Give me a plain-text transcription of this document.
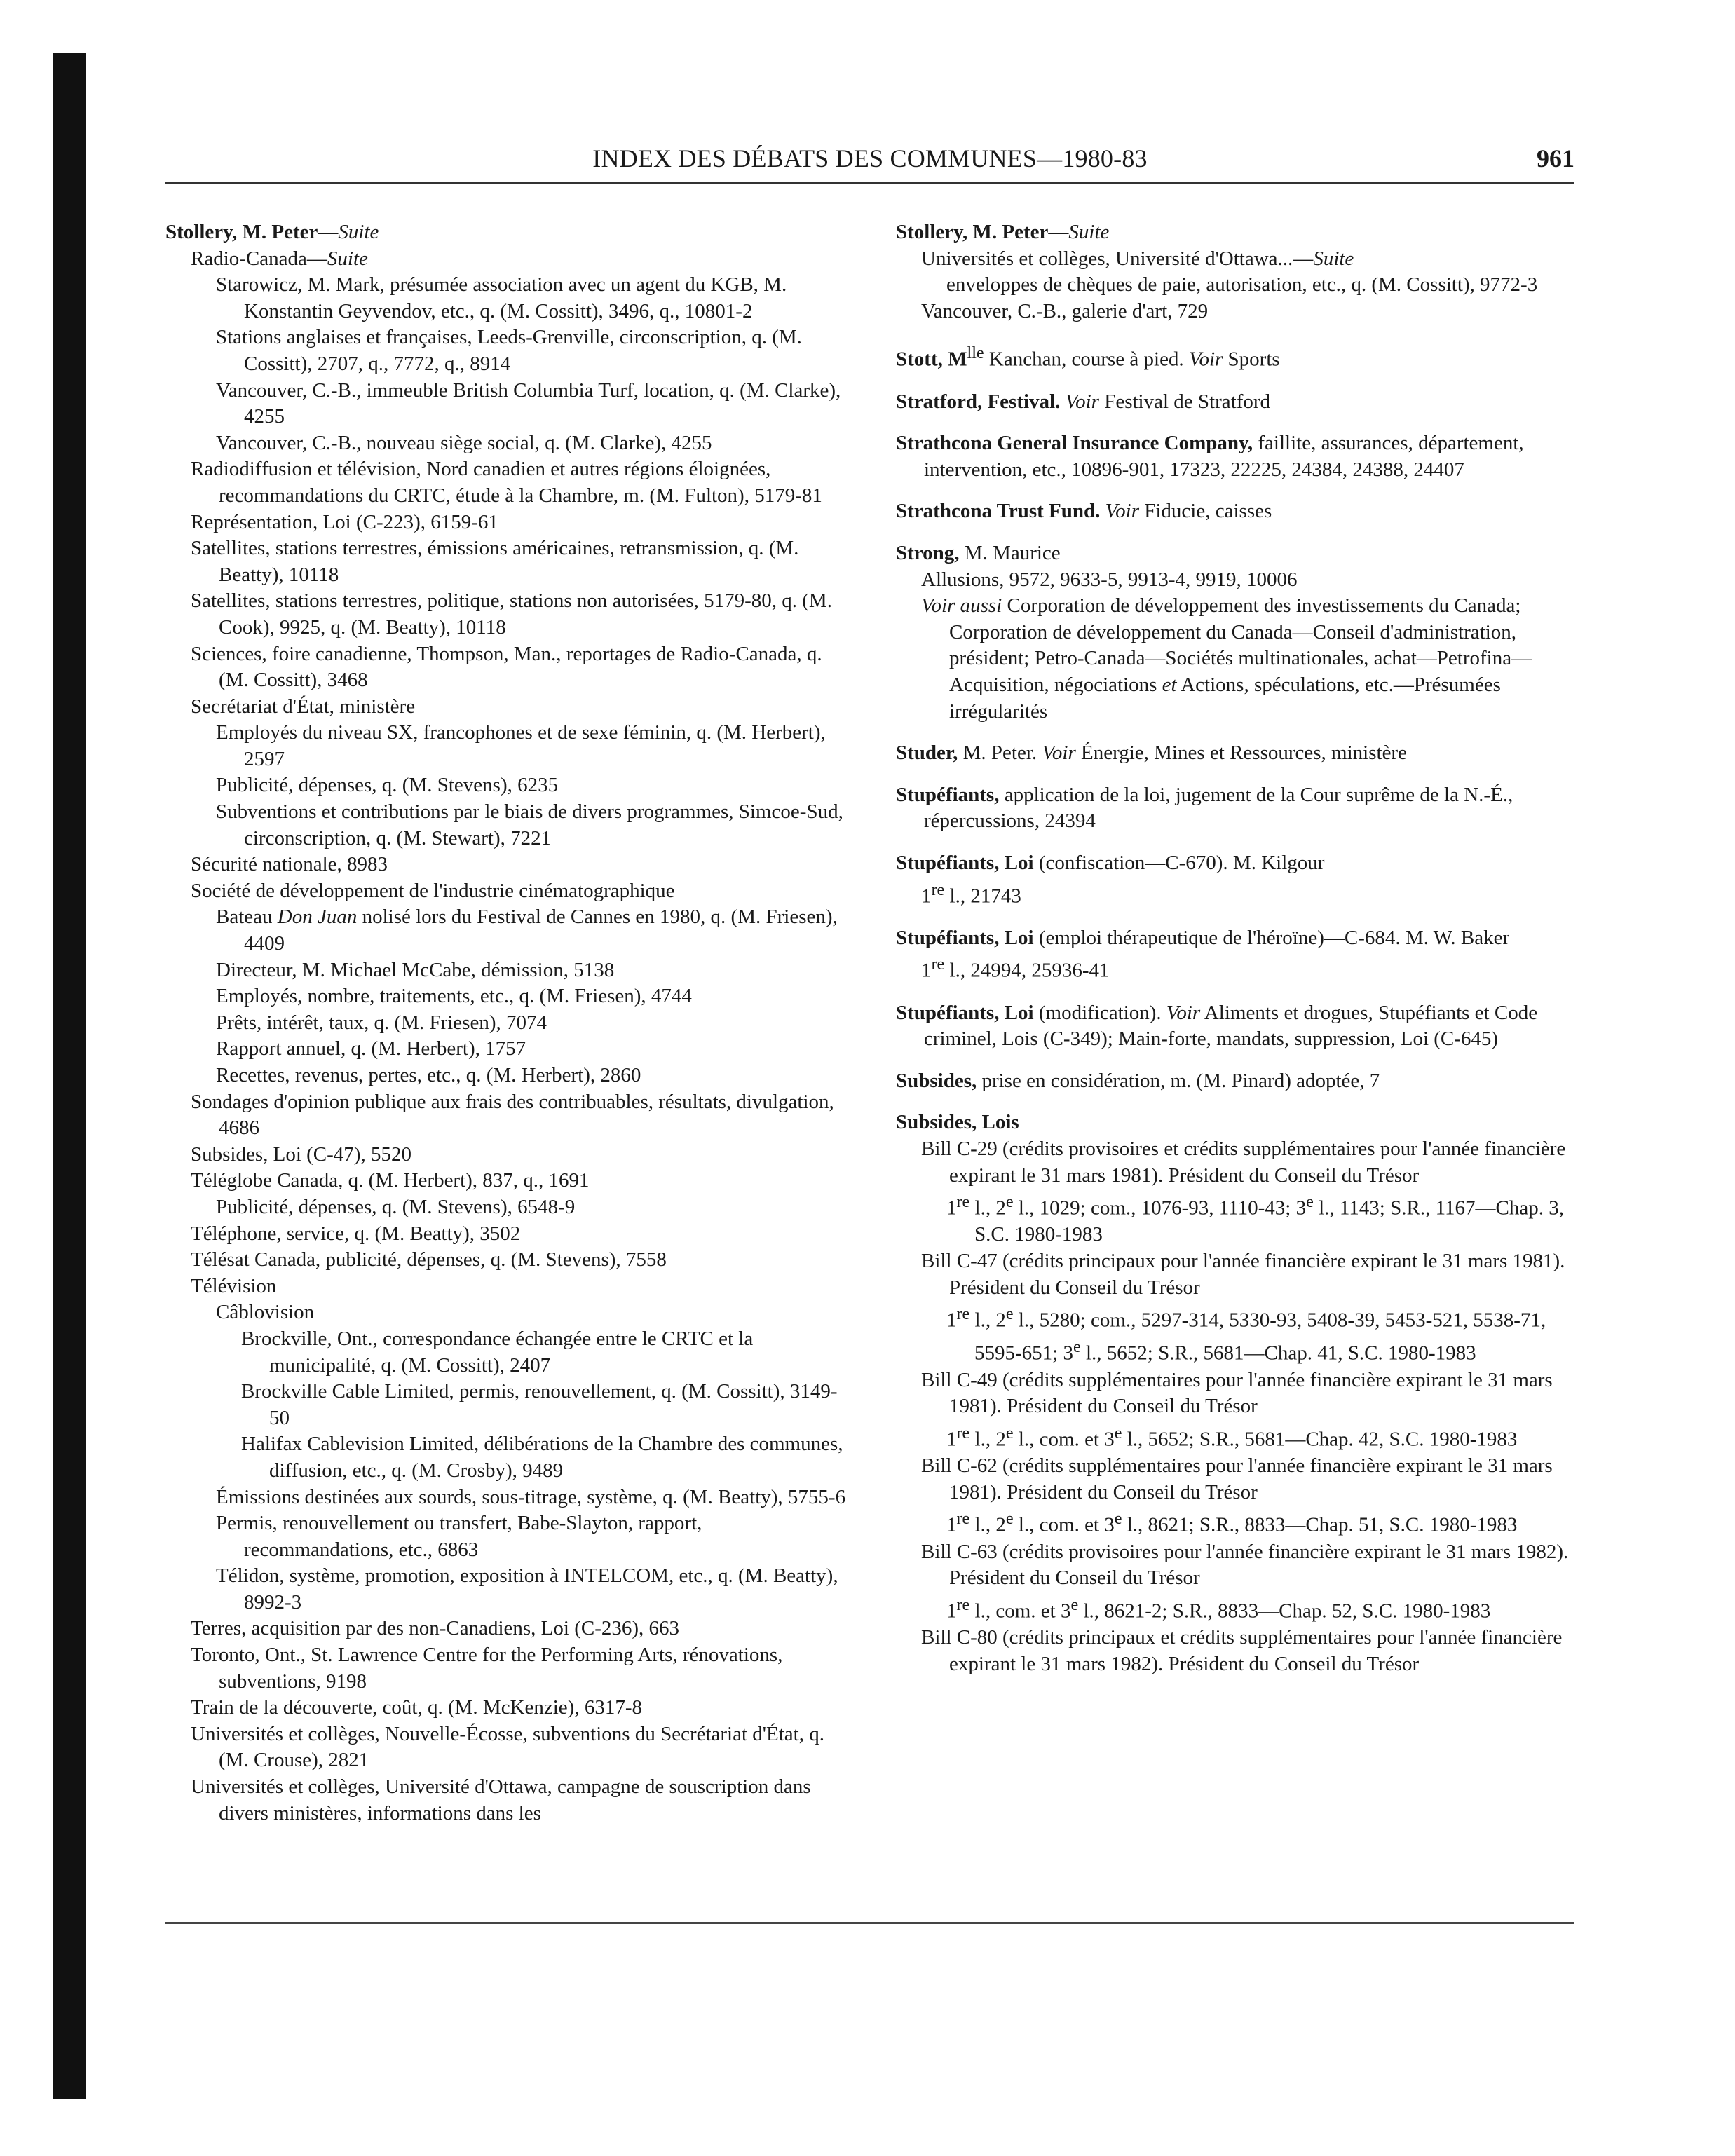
INDEX DES DÉBATS DES COMMUNES—1980-83	961
Stollery, M. Peter—Suite
Radio-Canada—Suite
Starowicz, M. Mark, présumée association avec un agent du KGB, M. Konstantin Geyvendov, etc., q. (M. Cossitt), 3496, q., 10801-2
Stations anglaises et françaises, Leeds-Grenville, circonscription, q. (M. Cossitt), 2707, q., 7772, q., 8914
Vancouver, C.-B., immeuble British Columbia Turf, location, q. (M. Clarke), 4255
Vancouver, C.-B., nouveau siège social, q. (M. Clarke), 4255
Radiodiffusion et télévision, Nord canadien et autres régions éloignées, recommandations du CRTC, étude à la Chambre, m. (M. Fulton), 5179-81
Représentation, Loi (C-223), 6159-61
Satellites, stations terrestres, émissions américaines, retransmission, q. (M. Beatty), 10118
Satellites, stations terrestres, politique, stations non autorisées, 5179-80, q. (M. Cook), 9925, q. (M. Beatty), 10118
Sciences, foire canadienne, Thompson, Man., reportages de Radio-Canada, q. (M. Cossitt), 3468
Secrétariat d'État, ministère
Employés du niveau SX, francophones et de sexe féminin, q. (M. Herbert), 2597
Publicité, dépenses, q. (M. Stevens), 6235
Subventions et contributions par le biais de divers programmes, Simcoe-Sud, circonscription, q. (M. Stewart), 7221
Sécurité nationale, 8983
Société de développement de l'industrie cinématographique
Bateau Don Juan nolisé lors du Festival de Cannes en 1980, q. (M. Friesen), 4409
Directeur, M. Michael McCabe, démission, 5138
Employés, nombre, traitements, etc., q. (M. Friesen), 4744
Prêts, intérêt, taux, q. (M. Friesen), 7074
Rapport annuel, q. (M. Herbert), 1757
Recettes, revenus, pertes, etc., q. (M. Herbert), 2860
Sondages d'opinion publique aux frais des contribuables, résultats, divulgation, 4686
Subsides, Loi (C-47), 5520
Téléglobe Canada, q. (M. Herbert), 837, q., 1691
Publicité, dépenses, q. (M. Stevens), 6548-9
Téléphone, service, q. (M. Beatty), 3502
Télésat Canada, publicité, dépenses, q. (M. Stevens), 7558
Télévision
Câblovision
Brockville, Ont., correspondance échangée entre le CRTC et la municipalité, q. (M. Cossitt), 2407
Brockville Cable Limited, permis, renouvellement, q. (M. Cossitt), 3149-50
Halifax Cablevision Limited, délibérations de la Chambre des communes, diffusion, etc., q. (M. Crosby), 9489
Émissions destinées aux sourds, sous-titrage, système, q. (M. Beatty), 5755-6
Permis, renouvellement ou transfert, Babe-Slayton, rapport, recommandations, etc., 6863
Télidon, système, promotion, exposition à INTELCOM, etc., q. (M. Beatty), 8992-3
Terres, acquisition par des non-Canadiens, Loi (C-236), 663
Toronto, Ont., St. Lawrence Centre for the Performing Arts, rénovations, subventions, 9198
Train de la découverte, coût, q. (M. McKenzie), 6317-8
Universités et collèges, Nouvelle-Écosse, subventions du Secrétariat d'État, q. (M. Crouse), 2821
Universités et collèges, Université d'Ottawa, campagne de souscription dans divers ministères, informations dans les
Stollery, M. Peter—Suite
Universités et collèges, Université d'Ottawa...—Suite
enveloppes de chèques de paie, autorisation, etc., q. (M. Cossitt), 9772-3
Vancouver, C.-B., galerie d'art, 729
Stott, $M^{lle}$ Kanchan, course à pied. Voir Sports
Stratford, Festival. Voir Festival de Stratford
Strathcona General Insurance Company, faillite, assurances, département, intervention, etc., 10896-901, 17323, 22225, 24384, 24388, 24407
Strathcona Trust Fund. Voir Fiducie, caisses
Strong, M. Maurice
Allusions, 9572, 9633-5, 9913-4, 9919, 10006
Voir aussi Corporation de développement des investissements du Canada; Corporation de développement du Canada—Conseil d'administration, président; Petro-Canada—Sociétés multinationales, achat—Petrofina—Acquisition, négociations et Actions, spéculations, etc.—Présumées irrégularités
Studer, M. Peter. Voir Énergie, Mines et Ressources, ministère
Stupéfiants, application de la loi, jugement de la Cour suprême de la N.-É., répercussions, 24394
Stupéfiants, Loi (confiscation—C-670). M. Kilgour
1re l., 21743
Stupéfiants, Loi (emploi thérapeutique de l'héroïne)—C-684. M. W. Baker
1re l., 24994, 25936-41
Stupéfiants, Loi (modification). Voir Aliments et drogues, Stupéfiants et Code criminel, Lois (C-349); Main-forte, mandats, suppression, Loi (C-645)
Subsides, prise en considération, m. (M. Pinard) adoptée, 7
Subsides, Lois
Bill C-29 (crédits provisoires et crédits supplémentaires pour l'année financière expirant le 31 mars 1981). Président du Conseil du Trésor
1re l., 2e l., 1029; com., 1076-93, 1110-43; 3e l., 1143; S.R., 1167—Chap. 3, S.C. 1980-1983
Bill C-47 (crédits principaux pour l'année financière expirant le 31 mars 1981). Président du Conseil du Trésor
1re l., 2e l., 5280; com., 5297-314, 5330-93, 5408-39, 5453-521, 5538-71, 5595-651; 3e l., 5652; S.R., 5681—Chap. 41, S.C. 1980-1983
Bill C-49 (crédits supplémentaires pour l'année financière expirant le 31 mars 1981). Président du Conseil du Trésor
1re l., 2e l., com. et 3e l., 5652; S.R., 5681—Chap. 42, S.C. 1980-1983
Bill C-62 (crédits supplémentaires pour l'année financière expirant le 31 mars 1981). Président du Conseil du Trésor
1re l., 2e l., com. et 3e l., 8621; S.R., 8833—Chap. 51, S.C. 1980-1983
Bill C-63 (crédits provisoires pour l'année financière expirant le 31 mars 1982). Président du Conseil du Trésor
1re l., com. et 3e l., 8621-2; S.R., 8833—Chap. 52, S.C. 1980-1983
Bill C-80 (crédits principaux et crédits supplémentaires pour l'année financière expirant le 31 mars 1982). Président du Conseil du Trésor
